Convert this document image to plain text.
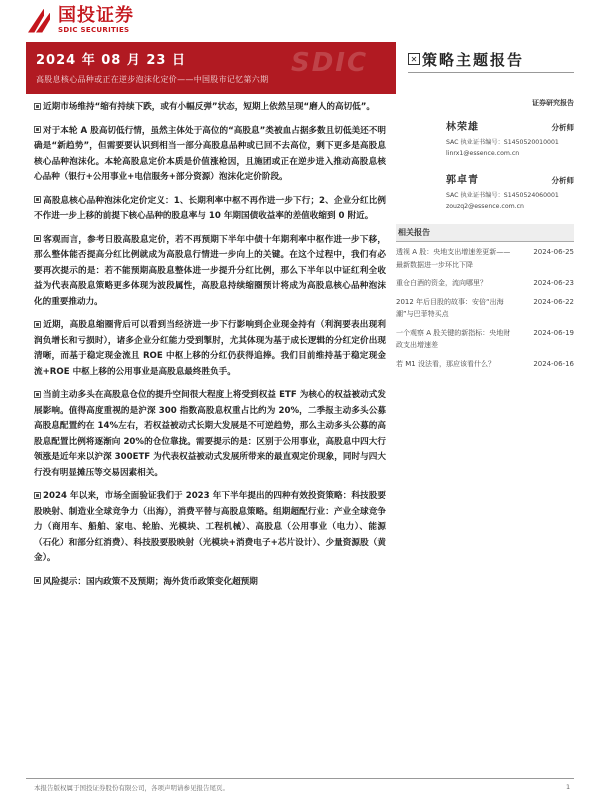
国投证券
SDIC SECURITIES
2024 年 08 月 23 日
高股息核心品种或正在逆步泡沫化定价——中国股市记忆第六期
SDIC	✕ 策略主题报告

近期市场维持“缩有持续下跌，或有小幅反弹”状态，短期上依然呈现“磨人的高切低”。

对于本轮 A 股高切低行情，虽然主体处于高位的“高股息”类被血占据多数且切低美还不明确是“新趋势”，但需要要认识到相当一部分高股息品种或已回不去高位，剩下更多是高股息核心品种泡沫化。本轮高股息定价本质是价值涨枪因，且施团或正在逆步进入推动高股息核心品种（银行+公用事业+电信服务+部分资源）泡沫化定价阶段。

高股息核心品种泡沫化定价定义：1、长期利率中枢不再作进一步下行；2、企业分红比例不作进一步上移的前提下核心品种的股息率与 10 年期国债收益率的差值收缩到 0 附近。

客观而言，参考日股高股息定价，若不再预期下半年中债十年期利率中枢作进一步下移，那么整体能否提高分红比例就成为高股息行情进一步向上的关键。在这个过程中，我们有必要再次提示的是：若不能预期高股息整体进一步提升分红比例，那么下半年以中证红利全收益为代表高股息策略更多体现为波段属性，高股息持续缩圈预计将成为高股息核心品种泡沫化的重要推动力。

近期，高股息缩圈背后可以看到当经济进一步下行影响到企业现金持有（利润要表出现利润负增长和亏损时），诸多企业分红能力受到掣肘，尤其体现为基于成长逻辑的分红定价出现清晰，而基于稳定现金流且 ROE 中枢上移的分红仍获得追捧。我们目前维持基于稳定现金流+ROE 中枢上移的公用事业是高股息最终胜负手。

当前主动多头在高股息仓位的提升空间很大程度上将受到权益 ETF 为核心的权益被动式发展影响。值得高度重视的是沪深 300 指数高股息权重占比约为 20%，二季报主动多头公募高股息配置约在 14%左右，若权益被动式长期大发展是不可逆趋势，那么主动多头公募的高股息配置比例将逐渐向 20%的仓位靠拢。需要提示的是：区别于公用事业，高股息中四大行领涨是近年来以沪深 300ETF 为代表权益被动式发展所带来的最直观定价现象，同时与四大行没有明显摊压等交易因素相关。

2024 年以来，市场全面验证我们于 2023 年下半年提出的四种有效投资策略：科技股要股映射、制造业全球竞争力（出海），消费平替与高股息策略。组期超配行业：产业全球竞争力（商用车、船舶、家电、轮胎、光模块、工程机械）、高股息（公用事业（电力）、能源（石化）和部分红消费）、科技股要股映射（光模块+消费电子+芯片设计）、少量资源股（黄金）。

风险提示：国内政策不及预期；海外货币政策变化超预期

证券研究报告
林荣雄	分析师
SAC 执业证书编号：S1450520010001
linrx1@essence.com.cn
郭卓青	分析师
SAC 执业证书编号：S1450524060001
zouzq2@essence.com.cn
相关报告
透视 A 股：央地支出增速差更新——最新数据进一步环比下降
2024-06-25
重仓白酒的资金，流向哪里？	2024-06-23
2012 年后目股的故事：安倍“出海潮”与巴菲特买点
2024-06-22
一个观察 A 股关键的新指标：央地财政支出增速差
2024-06-19
若 M1 没法看，那应该看什么？	2024-06-16
本报告版权属于国投证券股份有限公司，各项声明请参见报告尾页。	1
